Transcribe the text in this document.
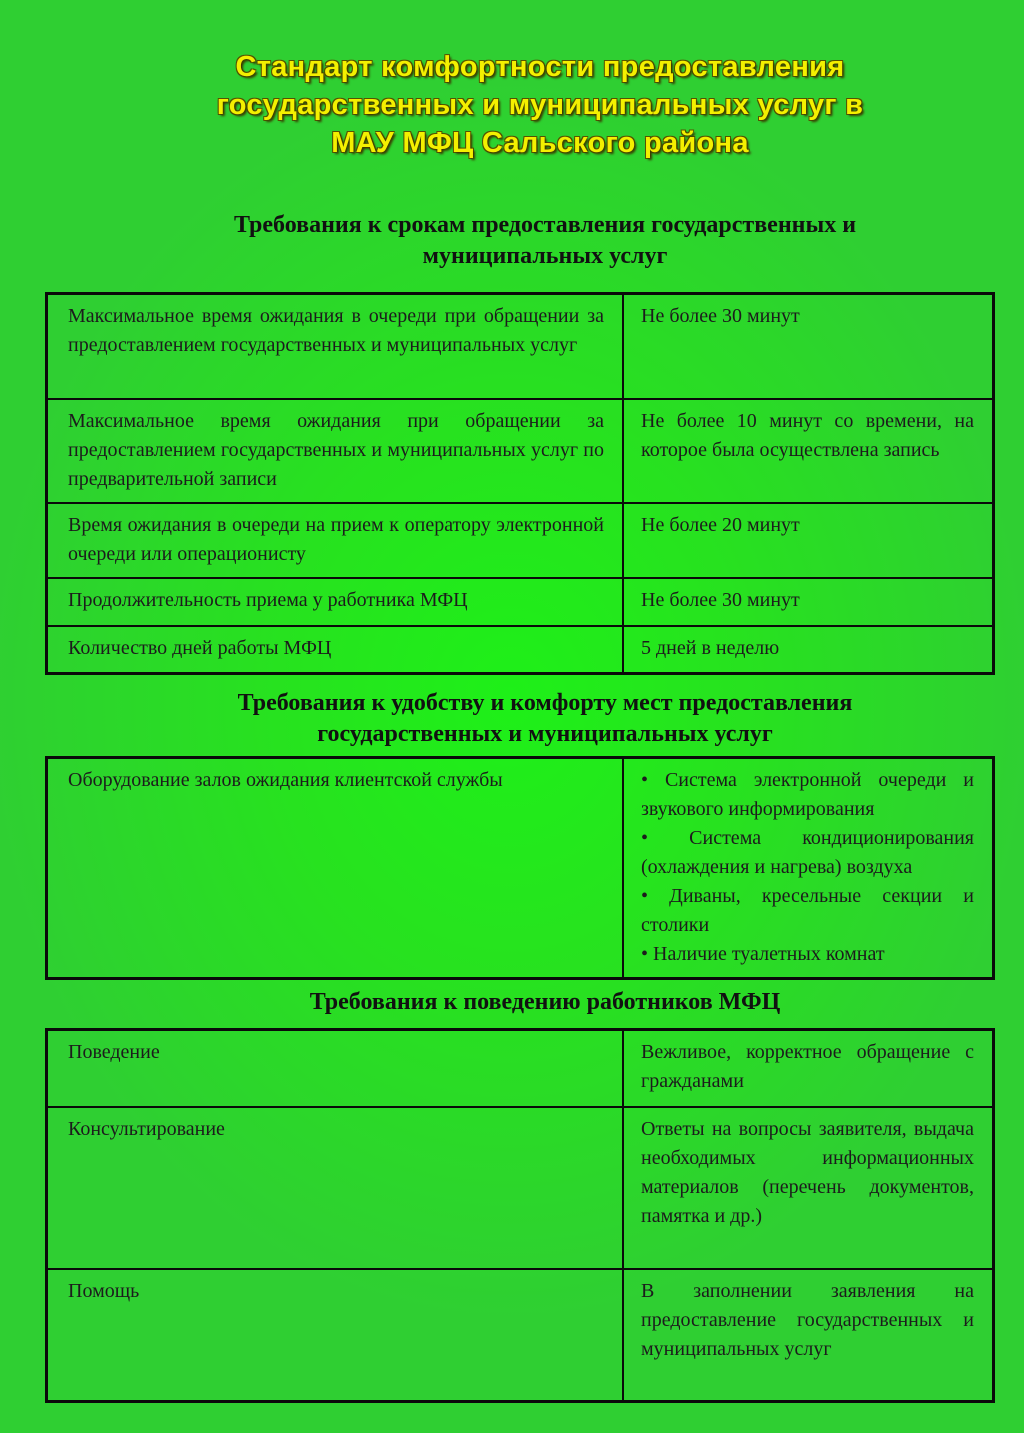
Стандарт комфортности предоставления
государственных и муниципальных услуг в
МАУ МФЦ Сальского района
Требования к срокам предоставления государственных и
муниципальных услуг
Максимальное время ожидания в очереди при обращении за предоставлением государственных и муниципальных услуг	Не более 30 минут
Максимальное время ожидания при обращении за предоставлением государственных и муниципальных услуг по предварительной записи	Не более 10 минут со времени, на которое была осуществлена запись
Время ожидания в очереди на прием к оператору электронной очереди или операционисту	Не более 20 минут
Продолжительность приема у работника МФЦ	Не более 30 минут
Количество дней работы МФЦ	5 дней в неделю
Требования к удобству и комфорту мест предоставления
государственных и муниципальных услуг
Оборудование залов ожидания клиентской службы	• Система электронной очереди и звукового информирования
• Система кондиционирования (охлаждения и нагрева) воздуха
• Диваны, кресельные секции и столики
• Наличие туалетных комнат
Требования к поведению работников МФЦ
Поведение	Вежливое, корректное обращение с гражданами
Консультирование	Ответы на вопросы заявителя, выдача необходимых информационных материалов (перечень документов, памятка и др.)
Помощь	В заполнении заявления на предоставление государственных и муниципальных услуг
